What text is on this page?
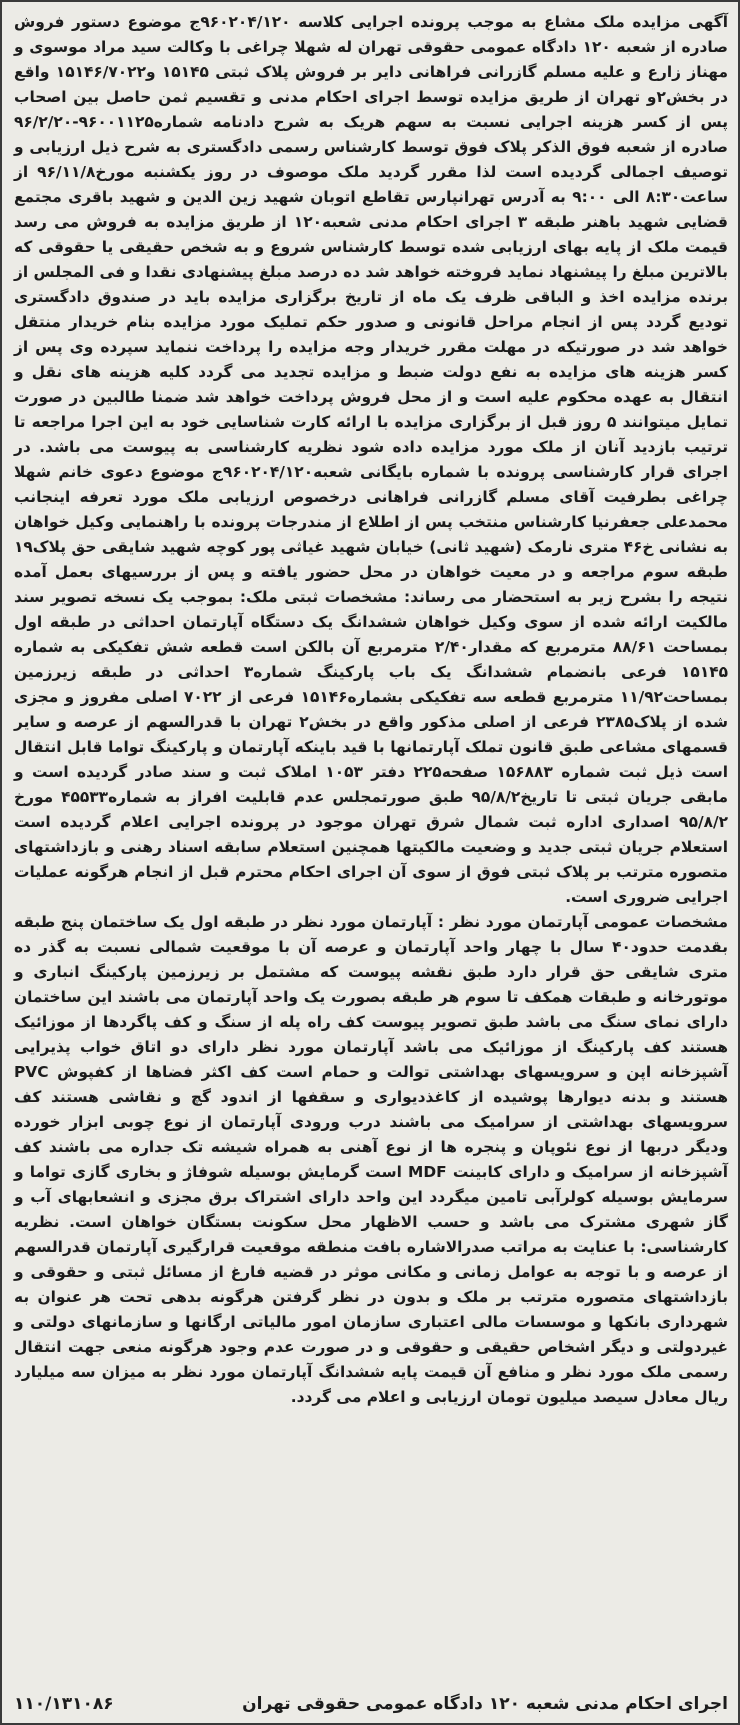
آگهی مزایده ملک مشاع به موجب پرونده اجرایی کلاسه ۹۶۰۲۰۴/۱۲۰ج موضوع دستور فروش صادره از شعبه ۱۲۰ دادگاه عمومی حقوقی تهران له شهلا چراغی با وکالت سید مراد موسوی و مهناز زارع و علیه مسلم گازرانی فراهانی دایر بر فروش پلاک ثبتی ۱۵۱۴۵ و۱۵۱۴۶/۷۰۲۲ واقع در بخش۲و تهران از طریق مزایده توسط اجرای احکام مدنی و تقسیم ثمن حاصل بین اصحاب پس از کسر هزینه اجرایی نسبت به سهم هریک به شرح دادنامه شماره۹۶۰۰۱۱۲۵-۹۶/۲/۲۰ صادره از شعبه فوق الذکر پلاک فوق توسط کارشناس رسمی دادگستری به شرح ذیل ارزیابی و توصیف اجمالی گردیده است لذا مقرر گردید ملک موصوف در روز یکشنبه مورخ۹۶/۱۱/۸ از ساعت۸:۳۰ الی ۹:۰۰ به آدرس تهرانپارس تقاطع اتوبان شهید زین الدین و شهید باقری مجتمع قضایی شهید باهنر طبقه ۳ اجرای احکام مدنی شعبه۱۲۰ از طریق مزایده به فروش می رسد قیمت ملک از پایه بهای ارزیابی شده توسط کارشناس شروع و به شخص حقیقی یا حقوقی که بالاترین مبلغ را پیشنهاد نماید فروخته خواهد شد ده درصد مبلغ پیشنهادی نقدا و فی المجلس از برنده مزایده اخذ و الباقی ظرف یک ماه از تاریخ برگزاری مزایده باید در صندوق دادگستری تودیع گردد پس از انجام مراحل قانونی و صدور حکم تملیک مورد مزایده بنام خریدار منتقل خواهد شد در صورتیکه در مهلت مقرر خریدار وجه مزایده را پرداخت ننماید سپرده وی پس از کسر هزینه های مزایده به نفع دولت ضبط و مزایده تجدید می گردد کلیه هزینه های نقل و انتقال به عهده محکوم علیه است و از محل فروش پرداخت خواهد شد ضمنا طالبین در صورت تمایل میتوانند ۵ روز قبل از برگزاری مزایده با ارائه کارت شناسایی خود به این اجرا مراجعه تا ترتیب بازدید آنان از ملک مورد مزایده داده شود نظریه کارشناسی به پیوست می باشد. در اجرای قرار کارشناسی پرونده با شماره بایگانی شعبه۹۶۰۲۰۴/۱۲۰ج موضوع دعوی خانم شهلا چراغی بطرفیت آقای مسلم گازرانی فراهانی درخصوص ارزیابی ملک مورد تعرفه اینجانب محمدعلی جعفرنیا کارشناس منتخب پس از اطلاع از مندرجات پرونده با راهنمایی وکیل خواهان به نشانی خ۴۶ متری نارمک (شهید ثانی) خیابان شهید غیاثی پور کوچه شهید شایقی حق پلاک۱۹ طبقه سوم مراجعه و در معیت خواهان در محل حضور یافته و پس از بررسیهای بعمل آمده نتیجه را بشرح زیر به استحضار می رساند: مشخصات ثبتی ملک: بموجب یک نسخه تصویر سند مالکیت ارائه شده از سوی وکیل خواهان ششدانگ یک دستگاه آپارتمان احداثی در طبقه اول بمساحت ۸۸/۶۱ مترمربع که مقدار۲/۴۰ مترمربع آن بالکن است قطعه شش تفکیکی به شماره ۱۵۱۴۵ فرعی بانضمام ششدانگ یک باب پارکینگ شماره۳ احداثی در طبقه زیرزمین بمساحت۱۱/۹۲ مترمربع قطعه سه تفکیکی بشماره۱۵۱۴۶ فرعی از ۷۰۲۲ اصلی مفروز و مجزی شده از پلاک۲۳۸۵ فرعی از اصلی مذکور واقع در بخش۲ تهران با قدرالسهم از عرصه و سایر قسمهای مشاعی طبق قانون تملک آپارتمانها با قید باینکه آپارتمان و پارکینگ تواما قابل انتقال است ذیل ثبت شماره ۱۵۶۸۸۳ صفحه۲۲۵ دفتر ۱۰۵۳ املاک ثبت و سند صادر گردیده است و مابقی جریان ثبتی تا تاریخ۹۵/۸/۲ طبق صورتمجلس عدم قابلیت افراز به شماره۴۵۵۳۳ مورخ ۹۵/۸/۲ اصداری اداره ثبت شمال شرق تهران موجود در پرونده اجرایی اعلام گردیده است استعلام جریان ثبتی جدید و وضعیت مالکیتها همچنین استعلام سابقه اسناد رهنی و بازداشتهای متصوره مترتب بر پلاک ثبتی فوق از سوی آن اجرای احکام محترم قبل از انجام هرگونه عملیات اجرایی ضروری است.

مشخصات عمومی آپارتمان مورد نظر : آپارتمان مورد نظر در طبقه اول یک ساختمان پنج طبقه بقدمت حدود۴۰ سال با چهار واحد آپارتمان و عرصه آن با موقعیت شمالی نسبت به گذر ده متری شایقی حق قرار دارد طبق نقشه پیوست که مشتمل بر زیرزمین پارکینگ انباری و موتورخانه و طبقات همکف تا سوم هر طبقه بصورت یک واحد آپارتمان می باشند این ساختمان دارای نمای سنگ می باشد طبق تصویر پیوست کف راه پله از سنگ و کف پاگردها از موزائیک هستند کف پارکینگ از موزائیک می باشد آپارتمان مورد نظر دارای دو اتاق خواب پذیرایی آشپزخانه اپن و سرویسهای بهداشتی توالت و حمام است کف اکثر فضاها از کفپوش PVC هستند و بدنه دیوارها پوشیده از کاغذدیواری و سقفها از اندود گچ و نقاشی هستند کف سرویسهای بهداشتی از سرامیک می باشند درب ورودی آپارتمان از نوع چوبی ابزار خورده ودیگر دربها از نوع نئوپان و پنجره ها از نوع آهنی به همراه شیشه تک جداره می باشند کف آشپزخانه از سرامیک و دارای کابینت MDF است گرمایش بوسیله شوفاژ و بخاری گازی تواما و سرمایش بوسیله کولرآبی تامین میگردد این واحد دارای اشتراک برق مجزی و انشعابهای آب و گاز شهری مشترک می باشد و حسب الاظهار محل سکونت بستگان خواهان است. نظریه کارشناسی: با عنایت به مراتب صدرالاشاره بافت منطقه موقعیت قرارگیری آپارتمان قدرالسهم از عرصه و با توجه به عوامل زمانی و مکانی موثر در قضیه فارغ از مسائل ثبتی و حقوقی و بازداشتهای متصوره مترتب بر ملک و بدون در نظر گرفتن هرگونه بدهی تحت هر عنوان به شهرداری بانکها و موسسات مالی اعتباری سازمان امور مالیاتی ارگانها و سازمانهای دولتی و غیردولتی و دیگر اشخاص حقیقی و حقوقی و در صورت عدم وجود هرگونه منعی جهت انتقال رسمی ملک مورد نظر و منافع آن قیمت پایه ششدانگ آپارتمان مورد نظر به میزان سه میلیارد ریال معادل سیصد میلیون تومان ارزیابی و اعلام می گردد.

اجرای احکام مدنی شعبه ۱۲۰ دادگاه عمومی حقوقی تهران
۱۱۰/۱۳۱۰۸۶
